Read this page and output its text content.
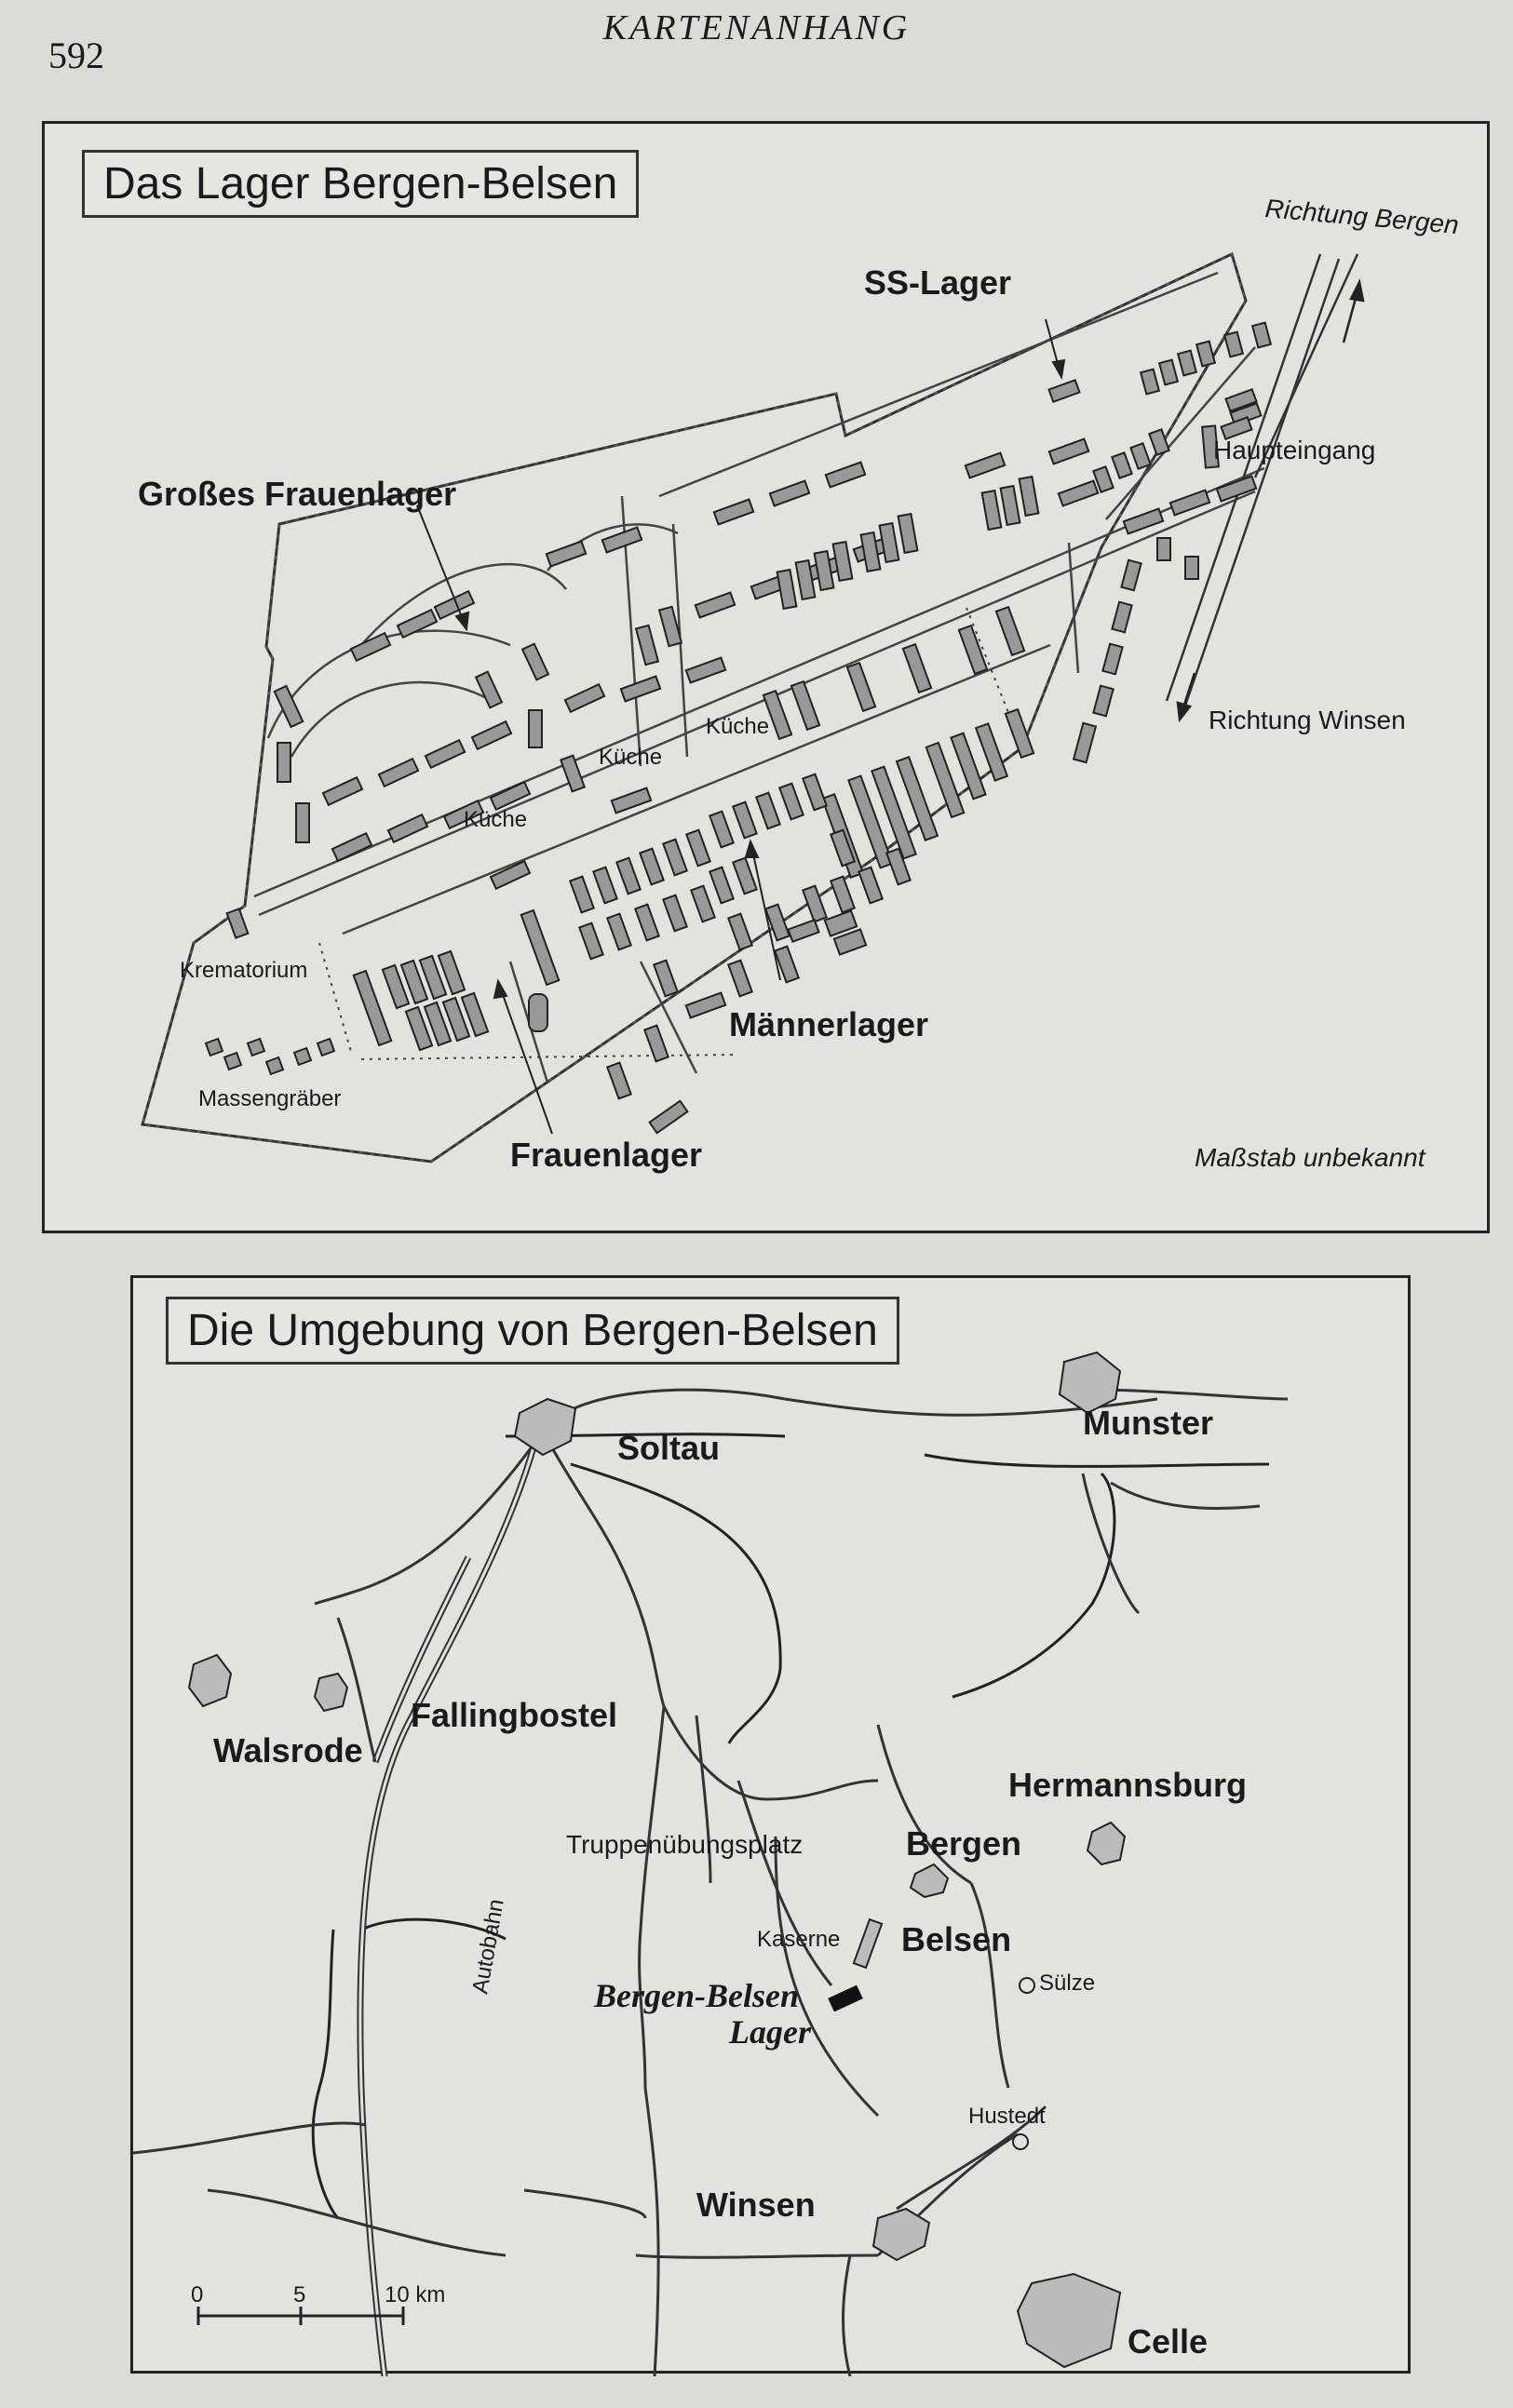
592
KARTENANHANG
SS-Lager
Großes Frauenlager
Richtung Bergen
Haupteingang
Richtung Winsen
Küche
Küche
Küche
Krematorium
Massengräber
Männerlager
Frauenlager	Maßstab unbekannt
Das Lager Bergen-Belsen
Soltau
Munster
Walsrode
Fallingbostel
Hermannsburg
Bergen
Belsen
Winsen
Celle
Sülze
Hustedt
Truppenübungsplatz
Autobahn	Kaserne
Bergen-Belsen
Lager
0	5	10 km
Die Umgebung von Bergen-Belsen
